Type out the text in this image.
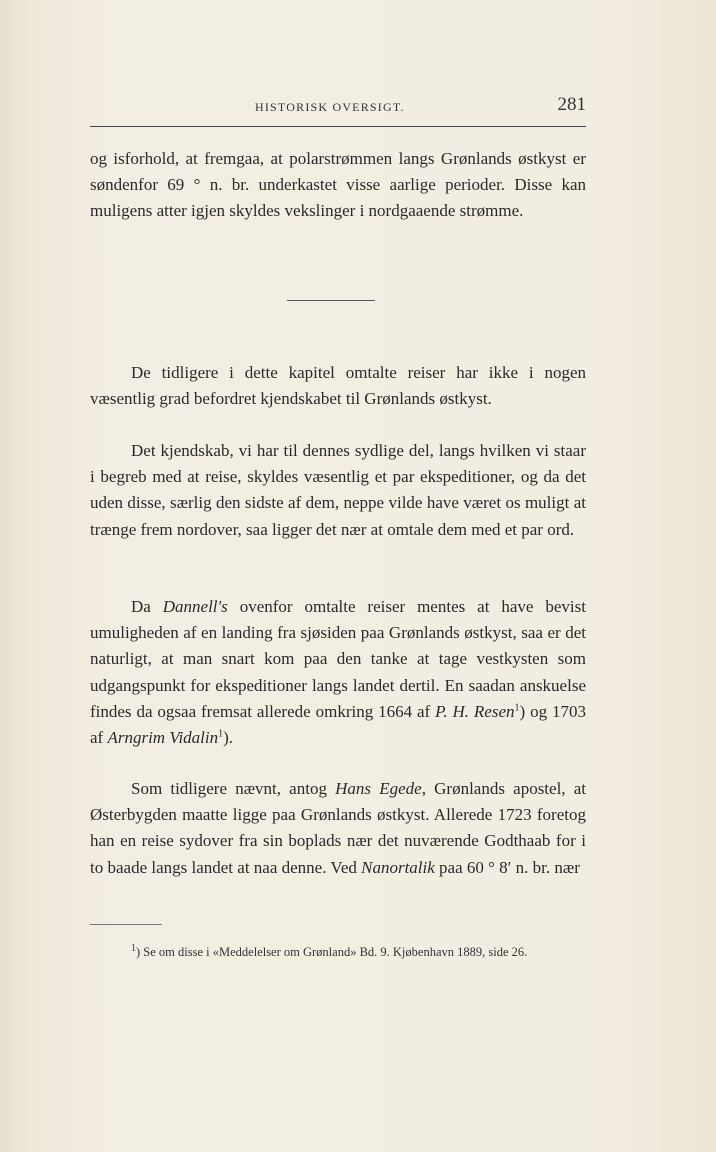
HISTORISK OVERSIGT.	281

og isforhold, at fremgaa, at polarstrømmen langs Grønlands østkyst er søndenfor 69 ° n. br. underkastet visse aarlige perioder. Disse kan muligens atter igjen skyldes vekslinger i nordgaaende strømme.

De tidligere i dette kapitel omtalte reiser har ikke i nogen væsentlig grad befordret kjendskabet til Grønlands østkyst.

Det kjendskab, vi har til dennes sydlige del, langs hvilken vi staar i begreb med at reise, skyldes væsentlig et par ekspeditioner, og da det uden disse, særlig den sidste af dem, neppe vilde have været os muligt at trænge frem nordover, saa ligger det nær at omtale dem med et par ord.

Da Dannell's ovenfor omtalte reiser mentes at have bevist umuligheden af en landing fra sjøsiden paa Grønlands østkyst, saa er det naturligt, at man snart kom paa den tanke at tage vestkysten som udgangspunkt for ekspeditioner langs landet dertil. En saadan anskuelse findes da ogsaa fremsat allerede omkring 1664 af P. H. Resen$^1$) og 1703 af Arngrim Vidalin$^1$).

Som tidligere nævnt, antog Hans Egede, Grønlands apostel, at Østerbygden maatte ligge paa Grønlands østkyst. Allerede 1723 foretog han en reise sydover fra sin boplads nær det nuværende Godthaab for i to baade langs landet at naa denne. Ved Nanortalik paa 60 ° 8′ n. br. nær

$^1$) Se om disse i «Meddelelser om Grønland» Bd. 9. Kjøbenhavn 1889, side 26.
